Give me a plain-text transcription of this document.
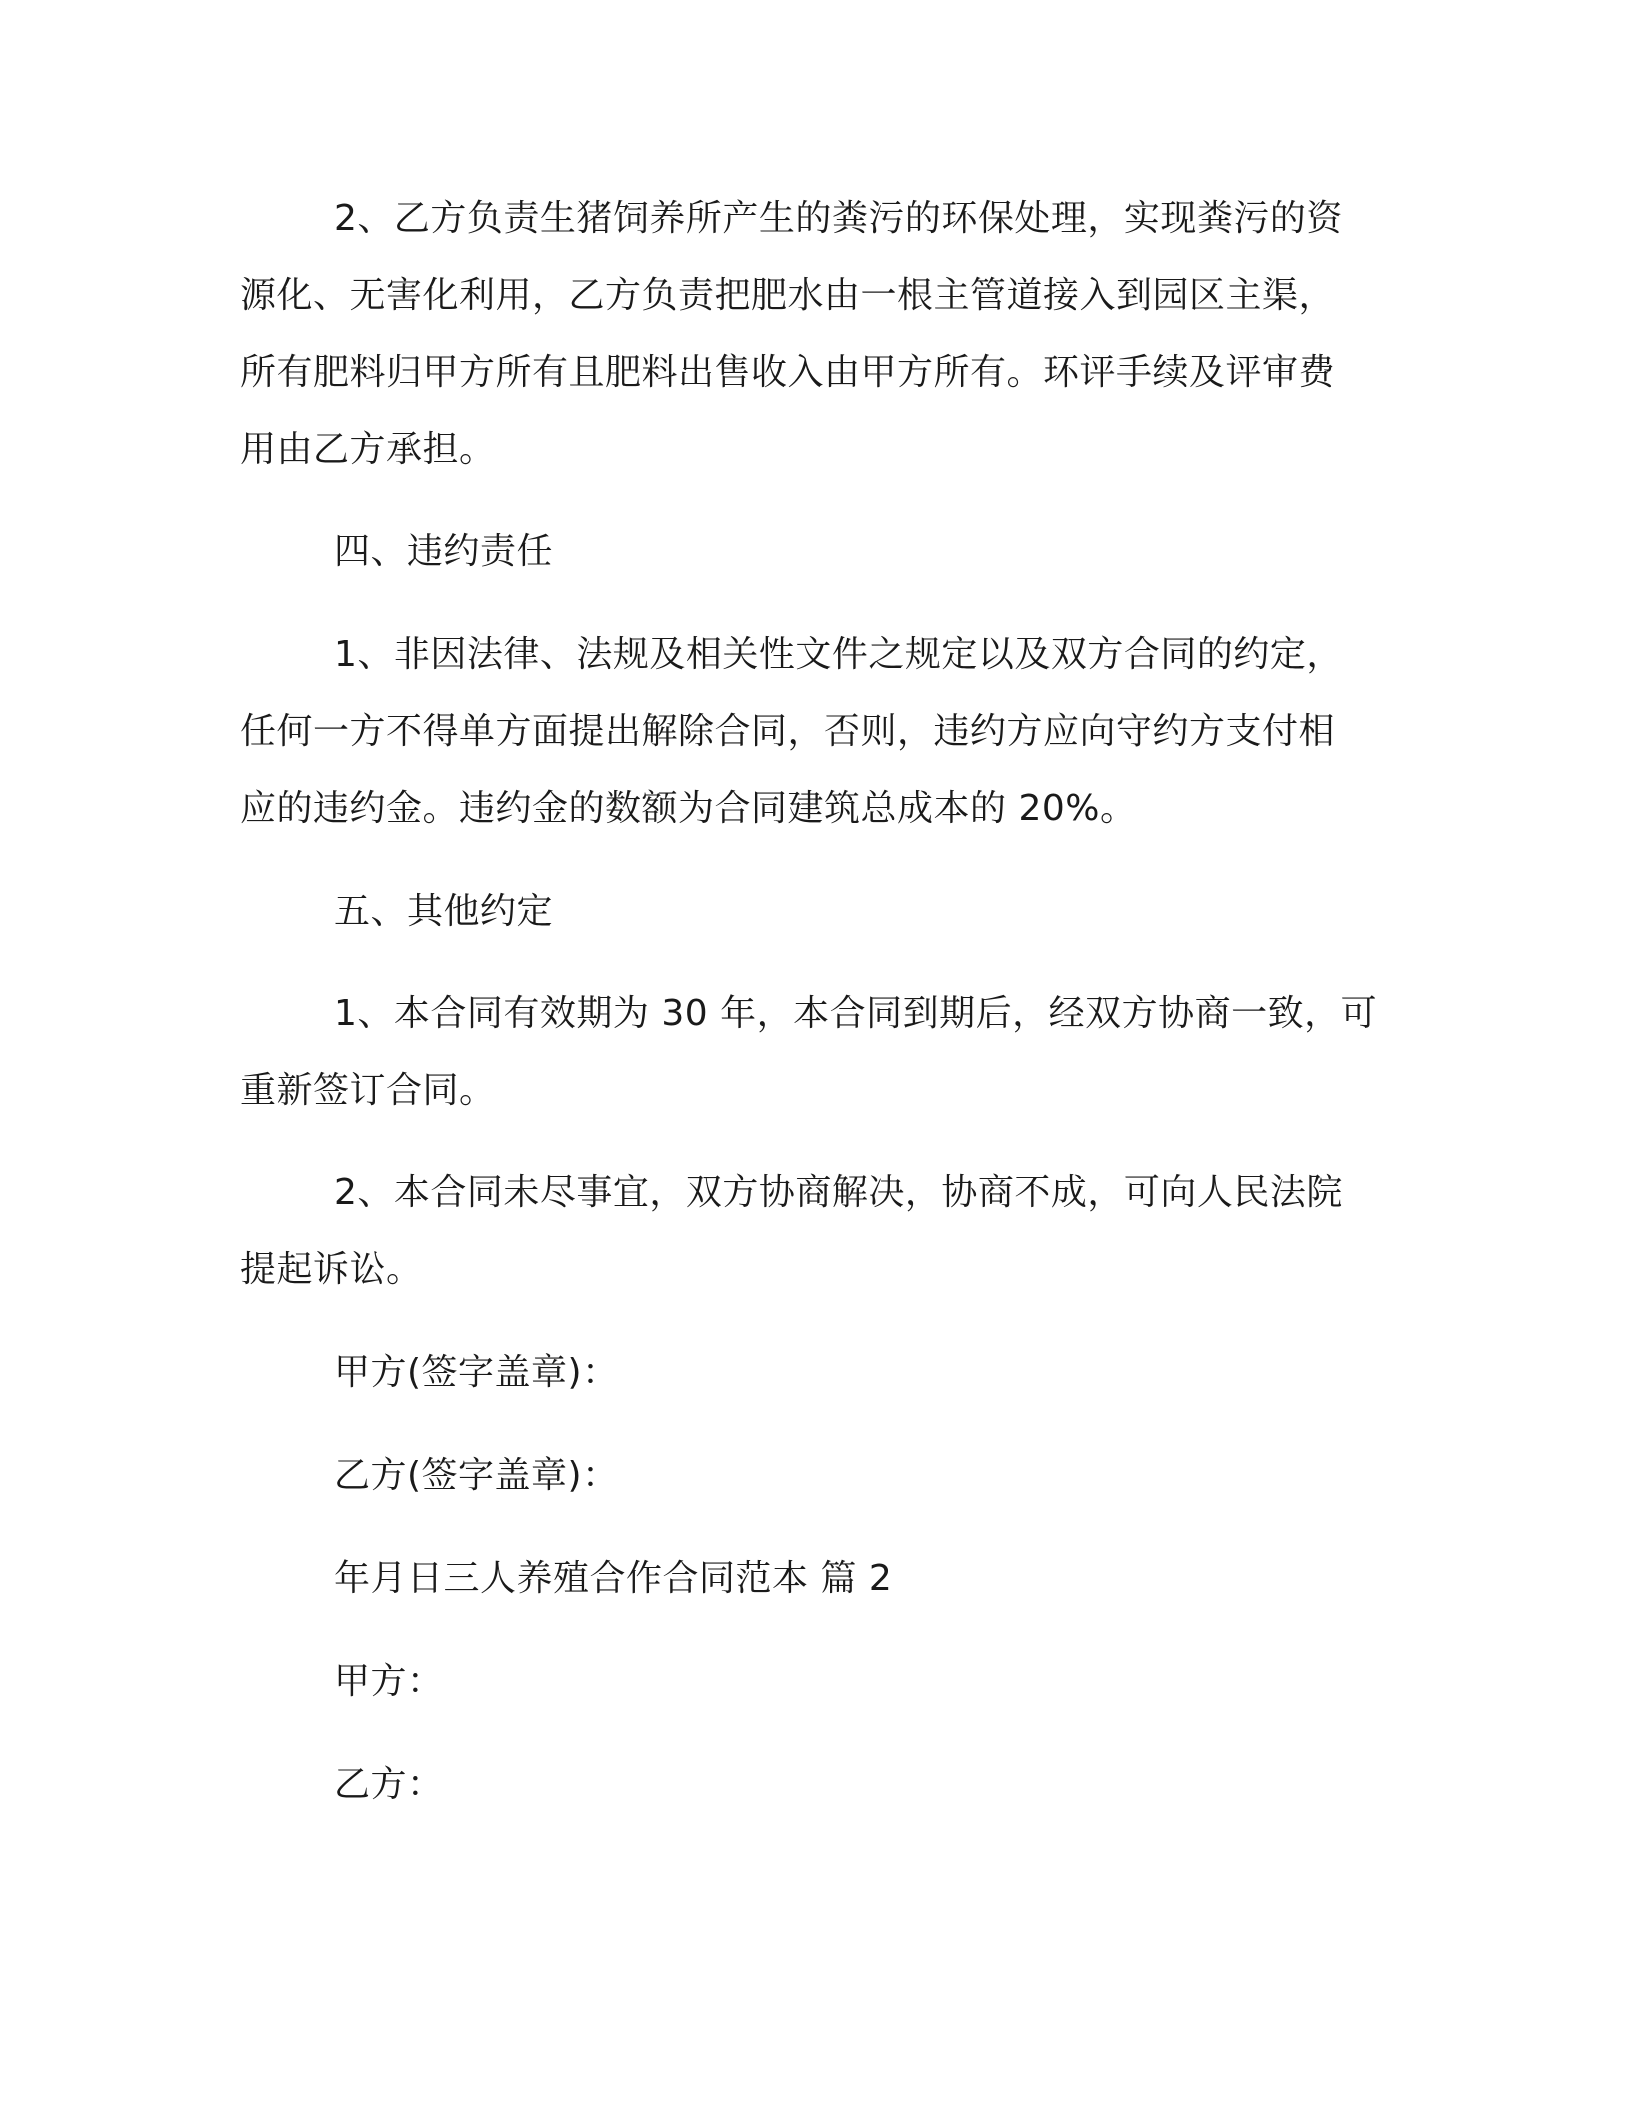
2、乙方负责生猪饲养所产生的粪污的环保处理，实现粪污的资
源化、无害化利用，乙方负责把肥水由一根主管道接入到园区主渠，
所有肥料归甲方所有且肥料出售收入由甲方所有。环评手续及评审费
用由乙方承担。
四、违约责任
1、非因法律、法规及相关性文件之规定以及双方合同的约定，
任何一方不得单方面提出解除合同，否则，违约方应向守约方支付相
应的违约金。违约金的数额为合同建筑总成本的 20%。
五、其他约定
1、本合同有效期为 30 年，本合同到期后，经双方协商一致，可
重新签订合同。
2、本合同未尽事宜，双方协商解决，协商不成，可向人民法院
提起诉讼。
甲方(签字盖章)：
乙方(签字盖章)：
年月日三人养殖合作合同范本 篇 2
甲方：
乙方：
